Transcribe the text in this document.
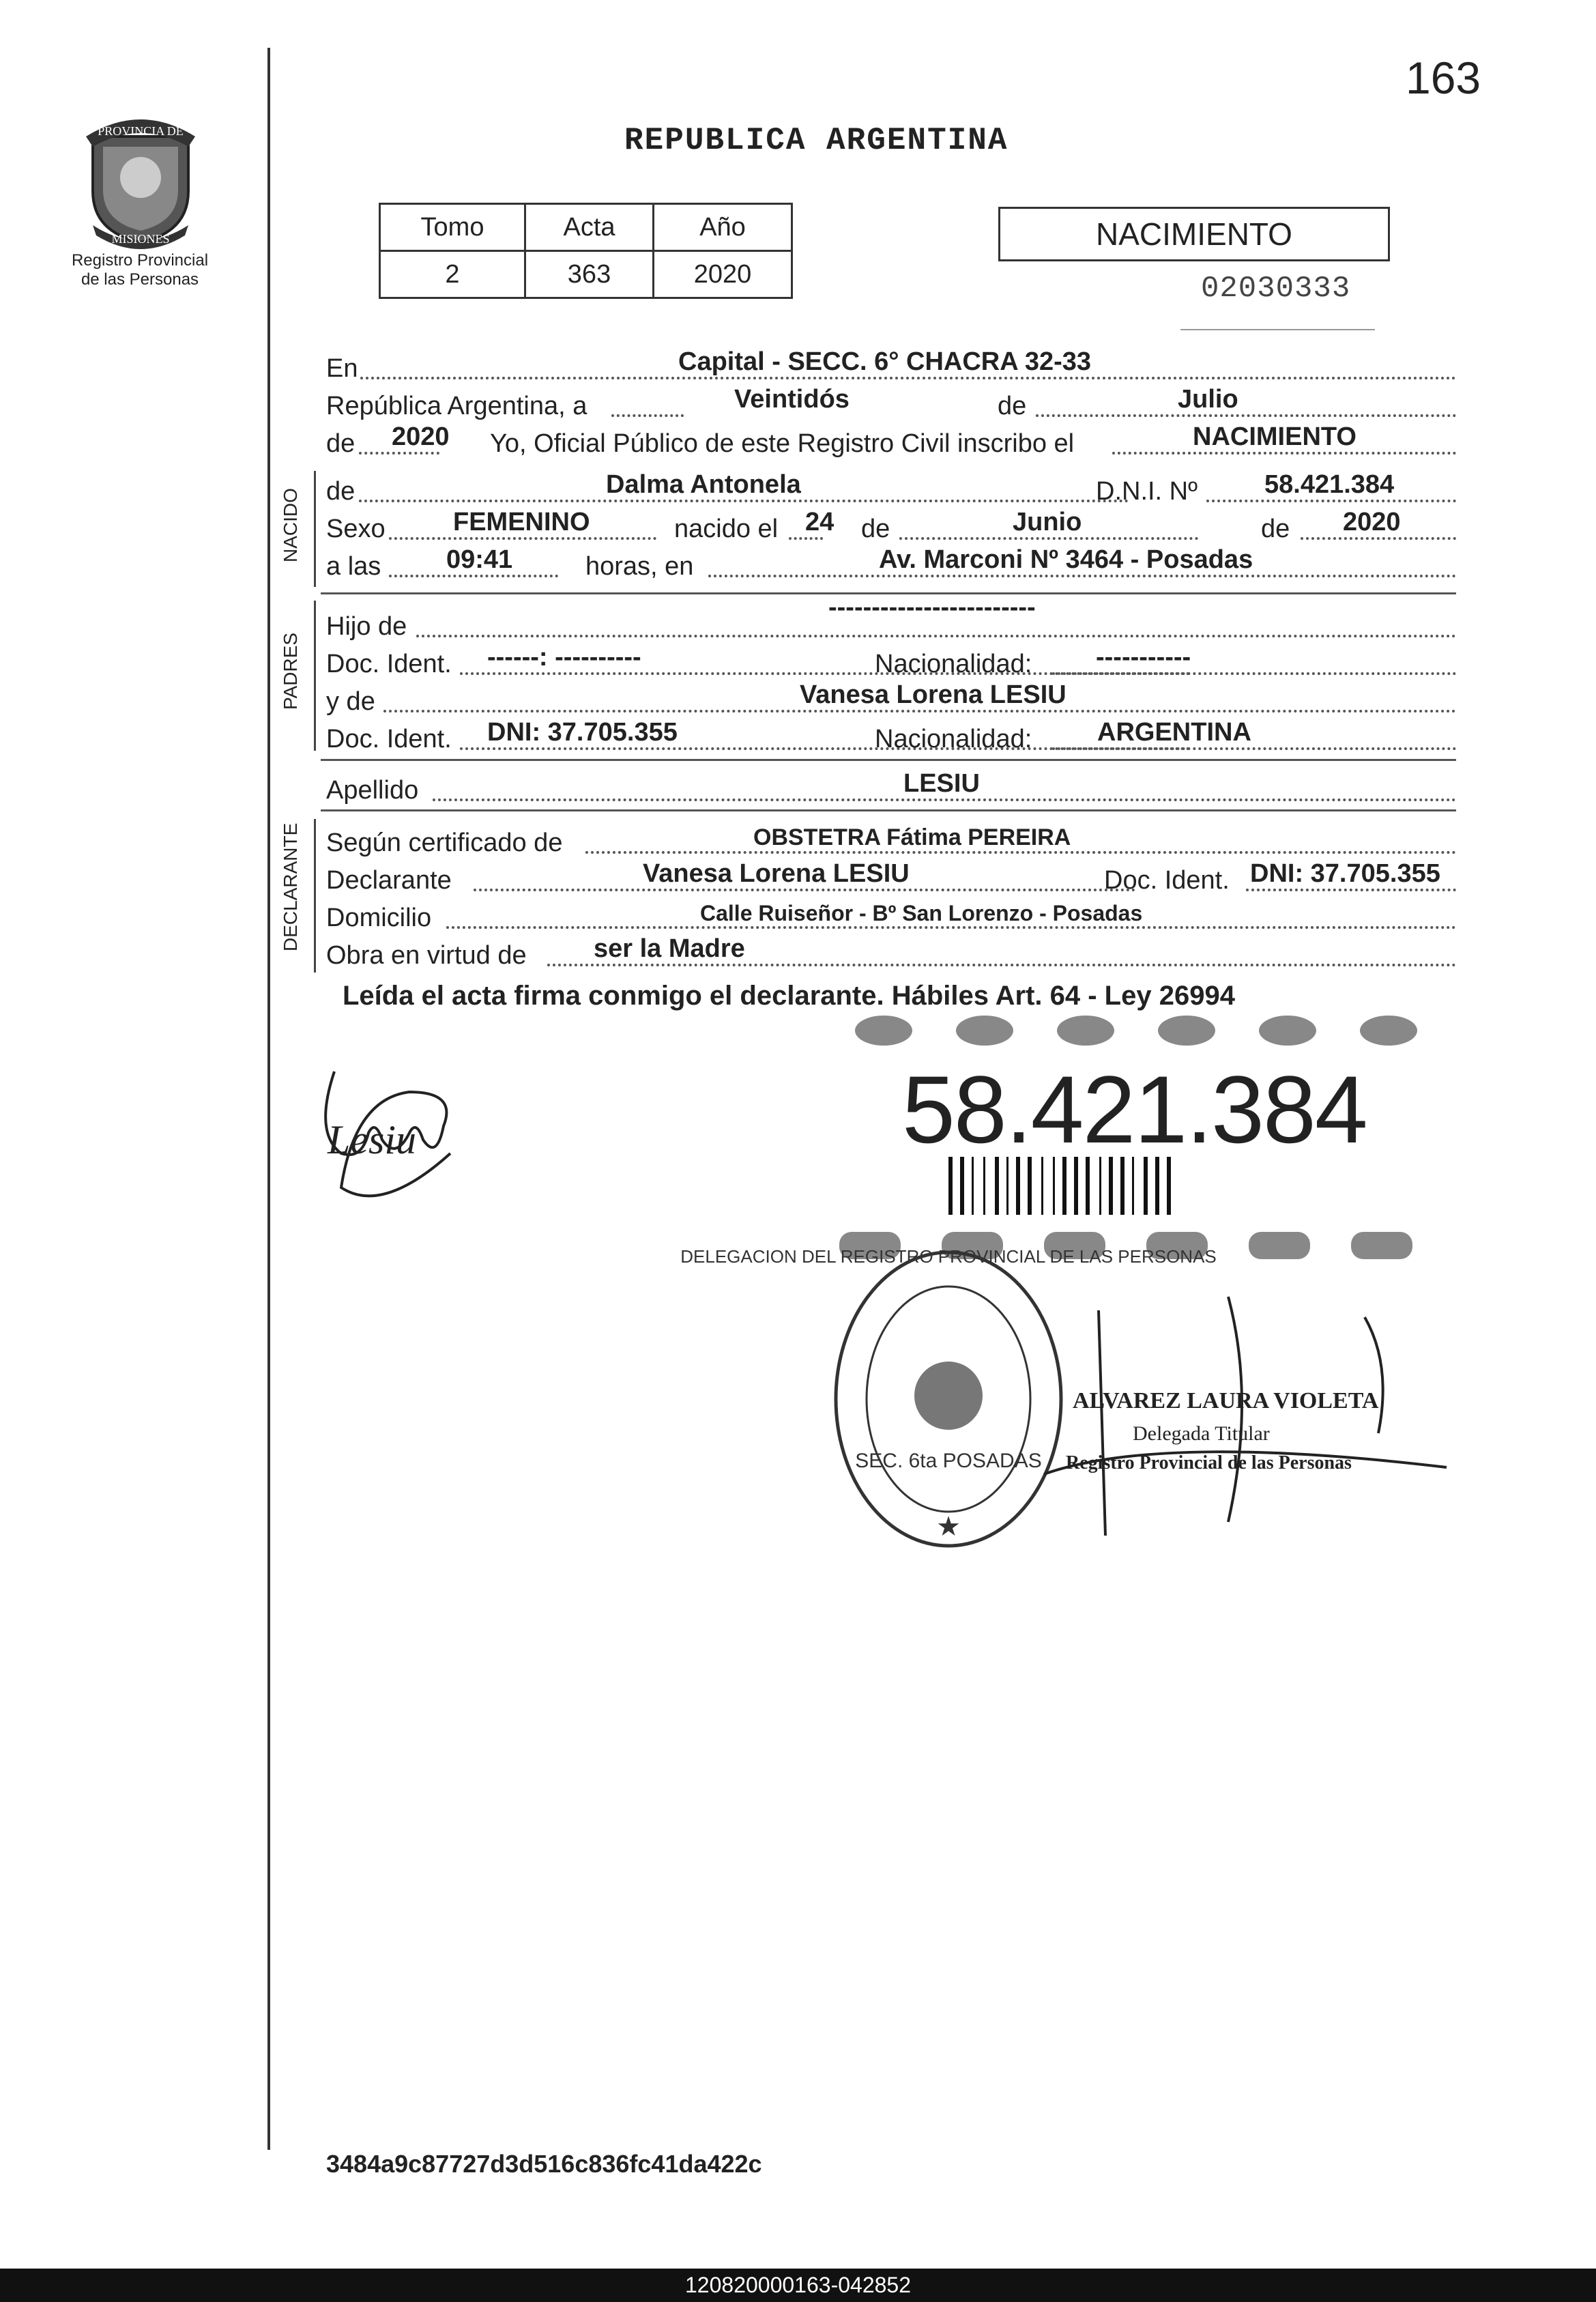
163
PROVINCIA DE
MISIONES
Registro Provincial
de las Personas
REPUBLICA ARGENTINA
Tomo	Acta	Año
2	363	2020
NACIMIENTO
02030333
En	Capital - SECC. 6° CHACRA 32-33
República Argentina, a	Veintidós	de	Julio
de 2020 Yo, Oficial Público de este Registro Civil inscribo el	NACIMIENTO
NACIDO de	Dalma Antonela	D.N.I. Nº	58.421.384
Sexo	FEMENINO	nacido el 24 de	Junio	de 2020
a las	09:41	horas, en	Av. Marconi Nº 3464 - Posadas
PADRES
Hijo de
------------------------
Doc. Ident. ------: ----------	Nacionalidad: -----------
y de	Vanesa Lorena LESIU
Doc. Ident. DNI: 37.705.355	Nacionalidad:	ARGENTINA
Apellido	LESIU
DECLARANTE Según certificado de	OBSTETRA Fátima PEREIRA
Declarante	Vanesa Lorena LESIU	Doc. Ident. DNI: 37.705.355
Domicilio	Calle Ruiseñor - Bº San Lorenzo - Posadas
Obra en virtud de	ser la Madre
Leída el acta firma conmigo el declarante. Hábiles Art. 64 - Ley 26994
Lesiu	58.421.384
DELEGACION DEL REGISTRO PROVINCIAL DE LAS PERSONAS
SEC. 6ta POSADAS
★
ALVAREZ LAURA VIOLETA
Delegada Titular
Registro Provincial de las Personas
3484a9c87727d3d516c836fc41da422c
120820000163-042852
